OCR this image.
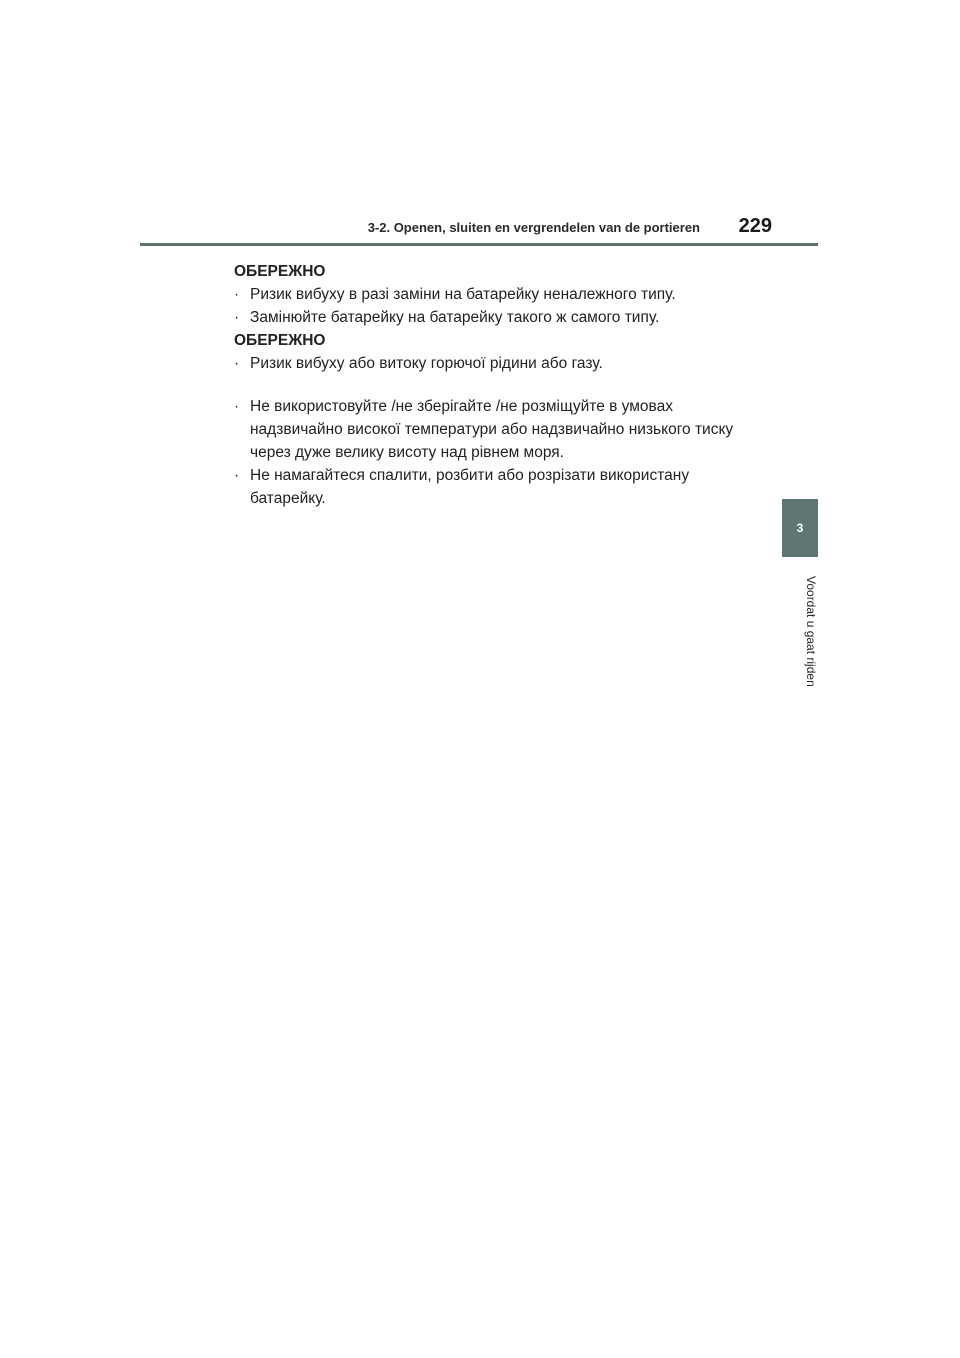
3-2. Openen, sluiten en vergrendelen van de portieren 229
3
Voordat u gaat rijden

ОБЕРЕЖНО

· Ризик вибуху в разі заміни на батарейку неналежного типу.
· Замінюйте батарейку на батарейку такого ж самого типу.

ОБЕРЕЖНО

· Ризик вибуху або витоку горючої рідини або газу.
· Не використовуйте /не зберігайте /не розміщуйте в умовах надзвичайно високої температури або надзвичайно низького тиску через дуже велику висоту над рівнем моря.
· Не намагайтеся спалити, розбити або розрізати використану батарейку.
